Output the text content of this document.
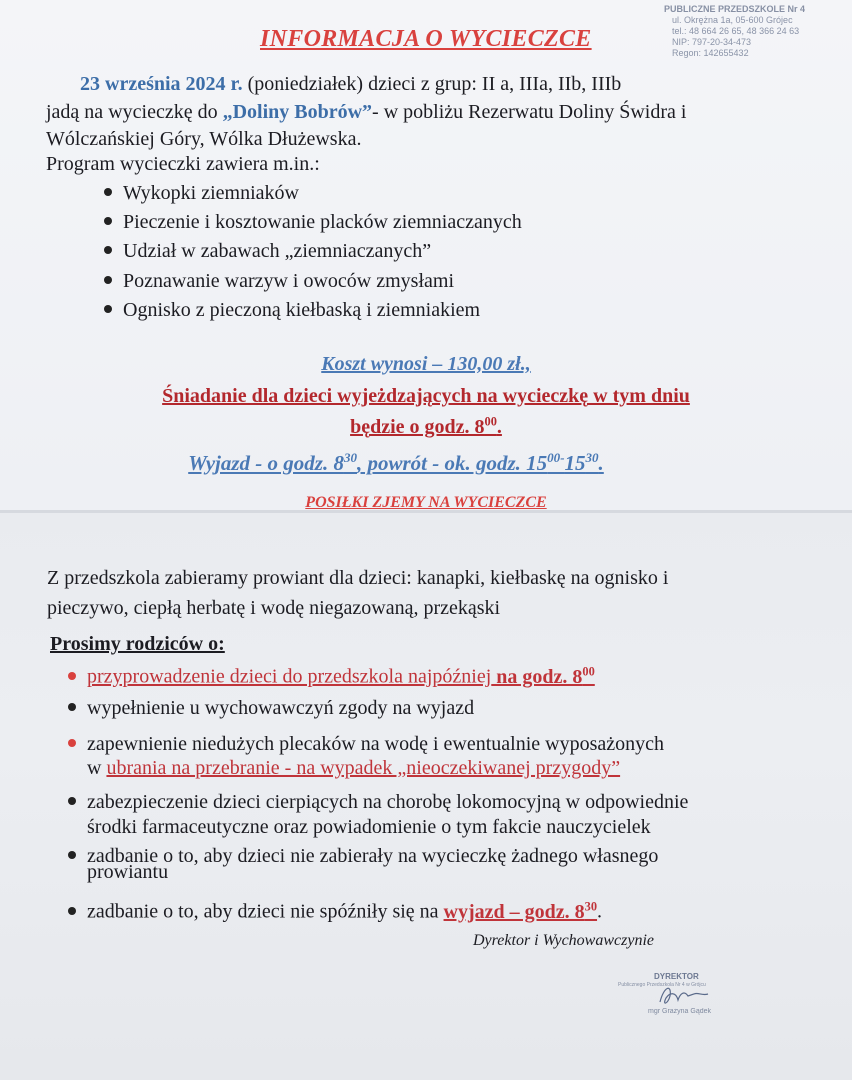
PUBLICZNE PRZEDSZKOLE Nr 4
ul. Okrężna 1a, 05-600 Grójec
tel.: 48 664 26 65, 48 366 24 63
NIP: 797-20-34-473
Regon: 142655432
INFORMACJA O WYCIECZCE
23 września 2024 r. (poniedziałek) dzieci z grup: II a, IIIa, IIb, IIIb
jadą na wycieczkę do „Doliny Bobrów”- w pobliżu Rezerwatu Doliny Świdra i
Wólczańskiej Góry, Wólka Dłużewska.
Program wycieczki zawiera m.in.:
Wykopki ziemniaków
Pieczenie i kosztowanie placków ziemniaczanych
Udział w zabawach „ziemniaczanych”
Poznawanie warzyw i owoców zmysłami
Ognisko z pieczoną kiełbaską i ziemniakiem
Koszt wynosi – 130,00 zł.,
Śniadanie dla dzieci wyjeżdzających na wycieczkę w tym dniu
będzie o godz. $8^{00}$.
Wyjazd - o godz. $8^{30}$, powrót - ok. godz. $15^{00-}15^{30}$.
POSIŁKI ZJEMY NA WYCIECZCE
Z przedszkola zabieramy prowiant dla dzieci: kanapki, kiełbaskę na ognisko i
pieczywo, ciepłą herbatę i wodę niegazowaną, przekąski
Prosimy rodziców o:
przyprowadzenie dzieci do przedszkola najpóźniej na godz. $8^{00}$
wypełnienie u wychowawczyń zgody na wyjazd
zapewnienie niedużych plecaków na wodę i ewentualnie wyposażonych
w ubrania na przebranie - na wypadek „nieoczekiwanej przygody”
zabezpieczenie dzieci cierpiących na chorobę lokomocyjną w odpowiednie
środki farmaceutyczne oraz powiadomienie o tym fakcie nauczycielek
zadbanie o to, aby dzieci nie zabierały na wycieczkę żadnego własnego
prowiantu
zadbanie o to, aby dzieci nie spóźniły się na wyjazd – godz. $8^{30}$.
Dyrektor i Wychowawczynie
DYREKTOR
Publicznego Przedszkola Nr 4 w Grójcu
mgr Grażyna Gądek
